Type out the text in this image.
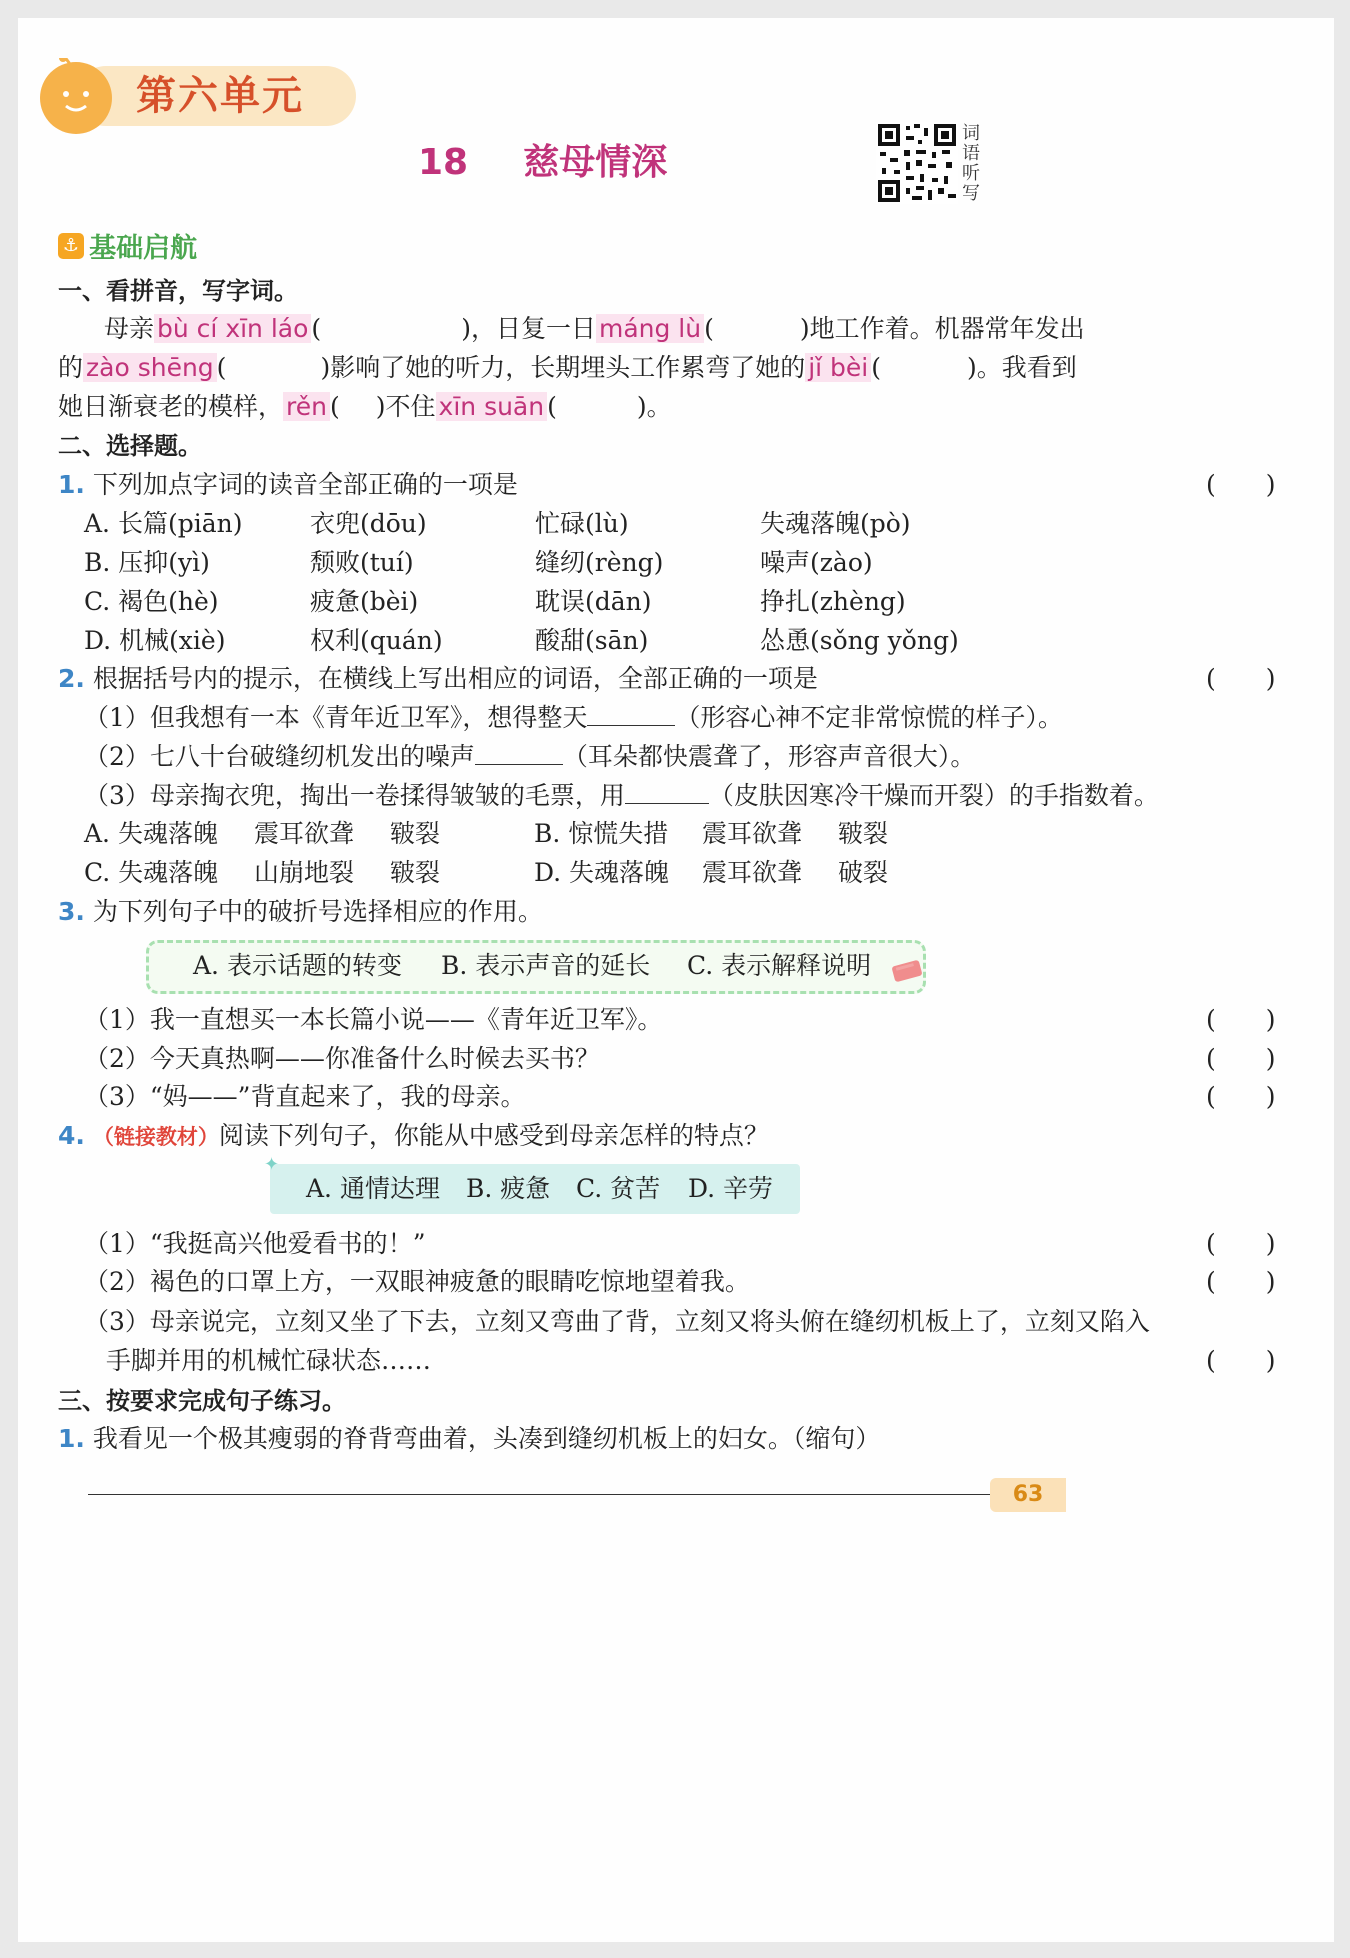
第六单元
18 慈母情深
词语听写
⚓ 基础启航
一、看拼音，写字词。
母亲 bù cí xīn láo (	)，日复一日 máng lù (	)地工作着。机器常年发出
的 zào shēng (	)影响了她的听力，长期埋头工作累弯了她的 jǐ bèi (	)。我看到
她日渐衰老的模样， rěn ( )不住 xīn suān (	)。
二、选择题。
1. 下列加点字词的读音全部正确的一项是	(　　)
A. 长篇(piān)	衣兜(dōu)	忙碌(lù)	失魂落魄(pò)
B. 压抑(yì)	颓败(tuí)	缝纫(rèng)	噪声(zào)
C. 褐色(hè)	疲惫(bèi)	耽误(dān)	挣扎(zhèng)
D. 机械(xiè)	权利(quán)	酸甜(sān)	怂恿(sǒng yǒng)
2. 根据括号内的提示，在横线上写出相应的词语，全部正确的一项是	(　　)
（1）但我想有一本《青年近卫军》，想得整天	（形容心神不定非常惊慌的样子）。
（2）七八十台破缝纫机发出的噪声	（耳朵都快震聋了，形容声音很大）。
（3）母亲掏衣兜，掏出一卷揉得皱皱的毛票，用	（皮肤因寒冷干燥而开裂）的手指数着。
A. 失魂落魄 震耳欲聋 皲裂	B. 惊慌失措 震耳欲聋 皲裂
C. 失魂落魄 山崩地裂 皲裂	D. 失魂落魄 震耳欲聋 破裂
3. 为下列句子中的破折号选择相应的作用。
A. 表示话题的转变 B. 表示声音的延长 C. 表示解释说明
（1）我一直想买一本长篇小说——《青年近卫军》。	(　　)
（2）今天真热啊——你准备什么时候去买书？	(　　)
（3）“妈——”背直起来了，我的母亲。	(　　)
4. （链接教材）阅读下列句子，你能从中感受到母亲怎样的特点？
A. 通情达理 B. 疲惫 C. 贫苦 D. 辛劳
✦
（1）“我挺高兴他爱看书的！”	(　　)
（2）褐色的口罩上方，一双眼神疲惫的眼睛吃惊地望着我。	(　　)
（3）母亲说完，立刻又坐了下去，立刻又弯曲了背，立刻又将头俯在缝纫机板上了，立刻又陷入
手脚并用的机械忙碌状态……	(　　)
三、按要求完成句子练习。
1. 我看见一个极其瘦弱的脊背弯曲着，头凑到缝纫机板上的妇女。（缩句）
63
